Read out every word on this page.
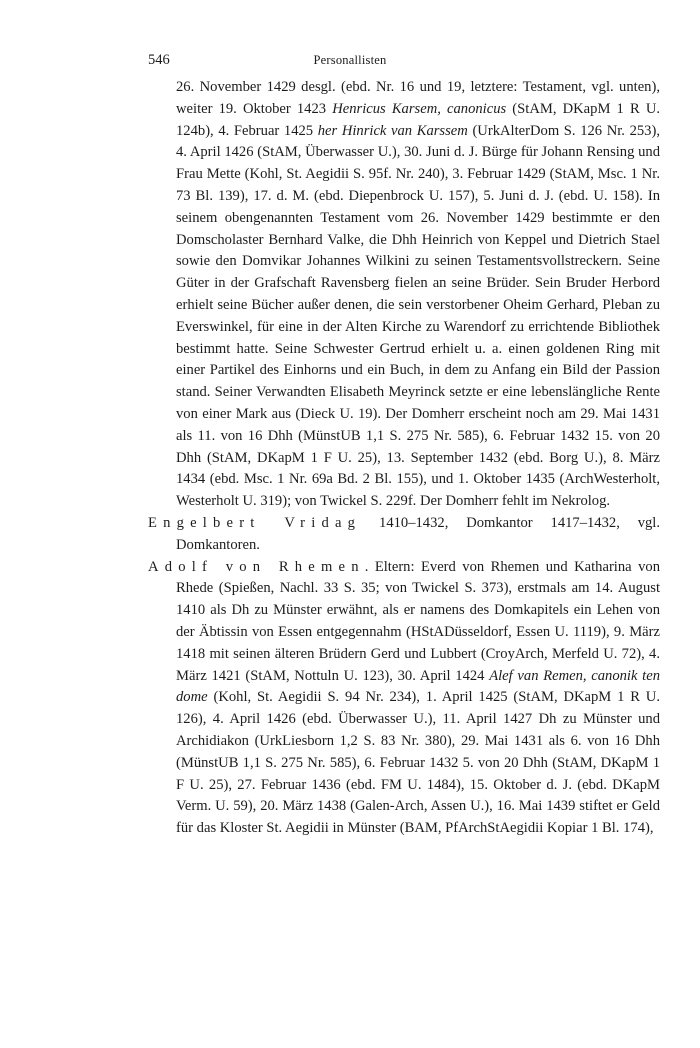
546	Personallisten

26. November 1429 desgl. (ebd. Nr. 16 und 19, letztere: Testament, vgl. unten), weiter 19. Oktober 1423 Henricus Karsem, canonicus (StAM, DKapM 1 R U. 124b), 4. Februar 1425 her Hinrick van Karssem (UrkAlterDom S. 126 Nr. 253), 4. April 1426 (StAM, Überwasser U.), 30. Juni d. J. Bürge für Johann Rensing und Frau Mette (Kohl, St. Aegidii S. 95f. Nr. 240), 3. Februar 1429 (StAM, Msc. 1 Nr. 73 Bl. 139), 17. d. M. (ebd. Diepenbrock U. 157), 5. Juni d. J. (ebd. U. 158). In seinem obengenannten Testament vom 26. November 1429 bestimmte er den Domscholaster Bernhard Valke, die Dhh Heinrich von Keppel und Dietrich Stael sowie den Domvikar Johannes Wilkini zu seinen Testamentsvollstreckern. Seine Güter in der Grafschaft Ravensberg fielen an seine Brüder. Sein Bruder Herbord erhielt seine Bücher außer denen, die sein verstorbener Oheim Gerhard, Pleban zu Everswinkel, für eine in der Alten Kirche zu Warendorf zu errichtende Bibliothek bestimmt hatte. Seine Schwester Gertrud erhielt u. a. einen goldenen Ring mit einer Partikel des Einhorns und ein Buch, in dem zu Anfang ein Bild der Passion stand. Seiner Verwandten Elisabeth Meyrinck setzte er eine lebenslängliche Rente von einer Mark aus (Dieck U. 19). Der Domherr erscheint noch am 29. Mai 1431 als 11. von 16 Dhh (MünstUB 1,1 S. 275 Nr. 585), 6. Februar 1432 15. von 20 Dhh (StAM, DKapM 1 F U. 25), 13. September 1432 (ebd. Borg U.), 8. März 1434 (ebd. Msc. 1 Nr. 69a Bd. 2 Bl. 155), und 1. Oktober 1435 (ArchWesterholt, Westerholt U. 319); von Twickel S. 229f. Der Domherr fehlt im Nekrolog.

Engelbert Vridag 1410–1432, Domkantor 1417–1432, vgl. Domkantoren.

Adolf von Rhemen. Eltern: Everd von Rhemen und Katharina von Rhede (Spießen, Nachl. 33 S. 35; von Twickel S. 373), erstmals am 14. August 1410 als Dh zu Münster erwähnt, als er namens des Domkapitels ein Lehen von der Äbtissin von Essen entgegennahm (HStADüsseldorf, Essen U. 1119), 9. März 1418 mit seinen älteren Brüdern Gerd und Lubbert (CroyArch, Merfeld U. 72), 4. März 1421 (StAM, Nottuln U. 123), 30. April 1424 Alef van Remen, canonik ten dome (Kohl, St. Aegidii S. 94 Nr. 234), 1. April 1425 (StAM, DKapM 1 R U. 126), 4. April 1426 (ebd. Überwasser U.), 11. April 1427 Dh zu Münster und Archidiakon (UrkLiesborn 1,2 S. 83 Nr. 380), 29. Mai 1431 als 6. von 16 Dhh (MünstUB 1,1 S. 275 Nr. 585), 6. Februar 1432 5. von 20 Dhh (StAM, DKapM 1 F U. 25), 27. Februar 1436 (ebd. FM U. 1484), 15. Oktober d. J. (ebd. DKapM Verm. U. 59), 20. März 1438 (Galen-Arch, Assen U.), 16. Mai 1439 stiftet er Geld für das Kloster St. Aegidii in Münster (BAM, PfArchStAegidii Kopiar 1 Bl. 174),
